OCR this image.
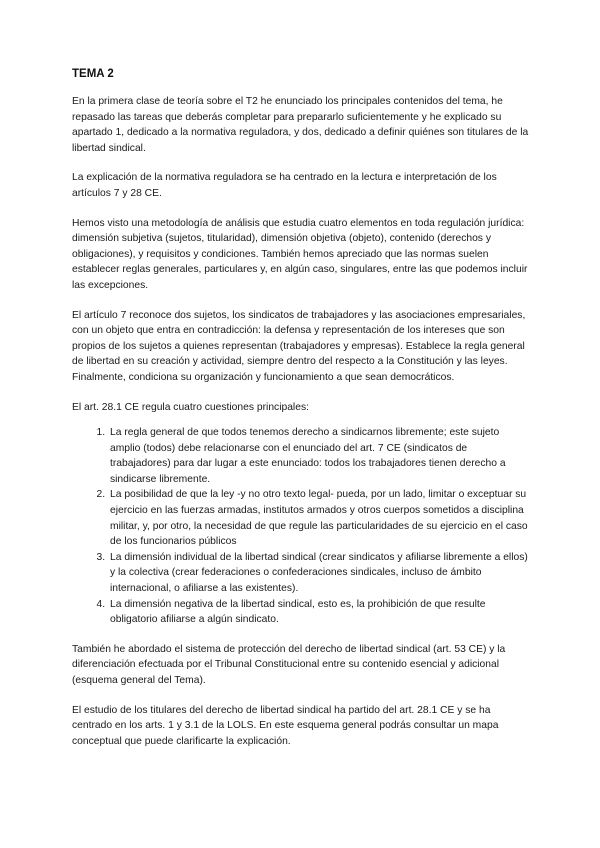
TEMA 2

En la primera clase de teoría sobre el T2 he enunciado los principales contenidos del tema, he repasado las tareas que deberás completar para prepararlo suficientemente y he explicado su apartado 1, dedicado a la normativa reguladora, y dos, dedicado a definir quiénes son titulares de la libertad sindical.

La explicación de la normativa reguladora se ha centrado en la lectura e interpretación de los artículos 7 y 28 CE.

Hemos visto una metodología de análisis que estudia cuatro elementos en toda regulación jurídica: dimensión subjetiva (sujetos, titularidad), dimensión objetiva (objeto), contenido (derechos y obligaciones), y requisitos y condiciones. También hemos apreciado que las normas suelen establecer reglas generales, particulares y, en algún caso, singulares, entre las que podemos incluir las excepciones.

El artículo 7 reconoce dos sujetos, los sindicatos de trabajadores y las asociaciones empresariales, con un objeto que entra en contradicción: la defensa y representación de los intereses que son propios de los sujetos a quienes representan (trabajadores y empresas). Establece la regla general de libertad en su creación y actividad, siempre dentro del respecto a la Constitución y las leyes. Finalmente, condiciona su organización y funcionamiento a que sean democráticos.

El art. 28.1 CE regula cuatro cuestiones principales:

1. La regla general de que todos tenemos derecho a sindicarnos libremente; este sujeto amplio (todos) debe relacionarse con el enunciado del art. 7 CE (sindicatos de trabajadores) para dar lugar a este enunciado: todos los trabajadores tienen derecho a sindicarse libremente.
2. La posibilidad de que la ley -y no otro texto legal- pueda, por un lado, limitar o exceptuar su ejercicio en las fuerzas armadas, institutos armados y otros cuerpos sometidos a disciplina militar, y, por otro, la necesidad de que regule las particularidades de su ejercicio en el caso de los funcionarios públicos
3. La dimensión individual de la libertad sindical (crear sindicatos y afiliarse libremente a ellos) y la colectiva (crear federaciones o confederaciones sindicales, incluso de ámbito internacional, o afiliarse a las existentes).
4. La dimensión negativa de la libertad sindical, esto es, la prohibición de que resulte obligatorio afiliarse a algún sindicato.

También he abordado el sistema de protección del derecho de libertad sindical (art. 53 CE) y la diferenciación efectuada por el Tribunal Constitucional entre su contenido esencial y adicional (esquema general del Tema).

El estudio de los titulares del derecho de libertad sindical ha partido del art. 28.1 CE y se ha centrado en los arts. 1 y 3.1 de la LOLS. En este esquema general podrás consultar un mapa conceptual que puede clarificarte la explicación.
